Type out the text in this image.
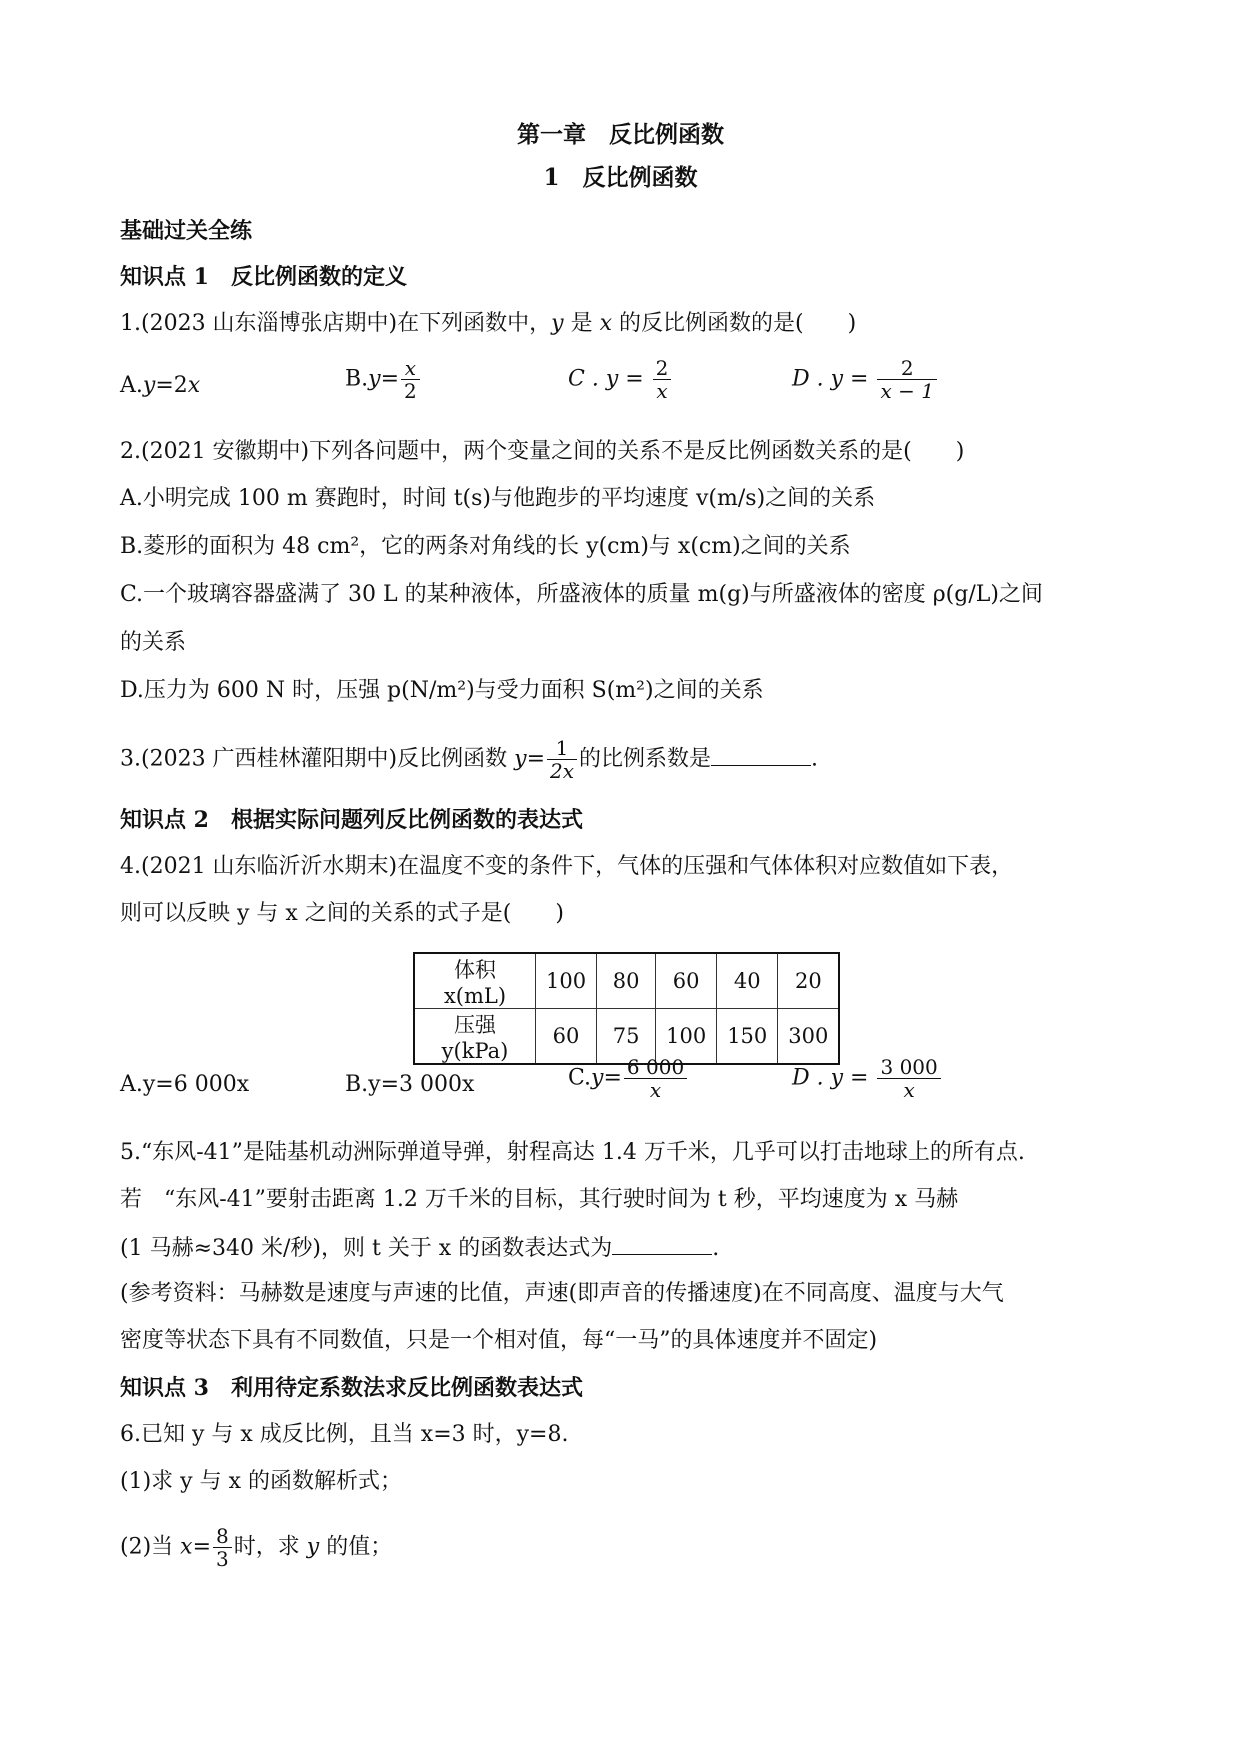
第一章　反比例函数
1　反比例函数
基础过关全练
知识点 1　反比例函数的定义
1.(2023 山东淄博张店期中)在下列函数中，y 是 x 的反比例函数的是(　　)
A.y=2x	$B.y= \frac{x}{2}$	C . $y = \frac{2}{x}$	D . $y = \frac{2}{x - 1}$
2.(2021 安徽期中)下列各问题中，两个变量之间的关系不是反比例函数关系的是(　　)
A.小明完成 100 m 赛跑时，时间 t(s)与他跑步的平均速度 v(m/s)之间的关系
B.菱形的面积为 48 cm²，它的两条对角线的长 y(cm)与 x(cm)之间的关系
C.一个玻璃容器盛满了 30 L 的某种液体，所盛液体的质量 m(g)与所盛液体的密度 ρ(g/L)之间
的关系
D.压力为 600 N 时，压强 p(N/m²)与受力面积 S(m²)之间的关系
3.(2023 广西桂林灌阳期中)反比例函数 $y= \frac{1}{2x}$ 的比例系数是	.
知识点 2　根据实际问题列反比例函数的表达式
4.(2021 山东临沂沂水期末)在温度不变的条件下，气体的压强和气体体积对应数值如下表，
则可以反映 y 与 x 之间的关系的式子是(　　)
体积 x(mL)	100	80	60	40	20
压强 y(kPa)	60	75	100	150	300
A.y=6 000x	B.y=3 000x	$C.y= \frac{6 000}{x}$	D . $y = \frac{3 000}{x}$
5.“东风-41”是陆基机动洲际弹道导弹，射程高达 1.4 万千米，几乎可以打击地球上的所有点.
若　“东风-41”要射击距离 1.2 万千米的目标，其行驶时间为 t 秒，平均速度为 x 马赫
(1 马赫≈340 米/秒)，则 t 关于 x 的函数表达式为	.
(参考资料：马赫数是速度与声速的比值，声速(即声音的传播速度)在不同高度、温度与大气
密度等状态下具有不同数值，只是一个相对值，每“一马”的具体速度并不固定)
知识点 3　利用待定系数法求反比例函数表达式
6.已知 y 与 x 成反比例，且当 x=3 时，y=8.
(1)求 y 与 x 的函数解析式；
(2)当 $x= \frac{8}{3}$ 时，求 y 的值；
